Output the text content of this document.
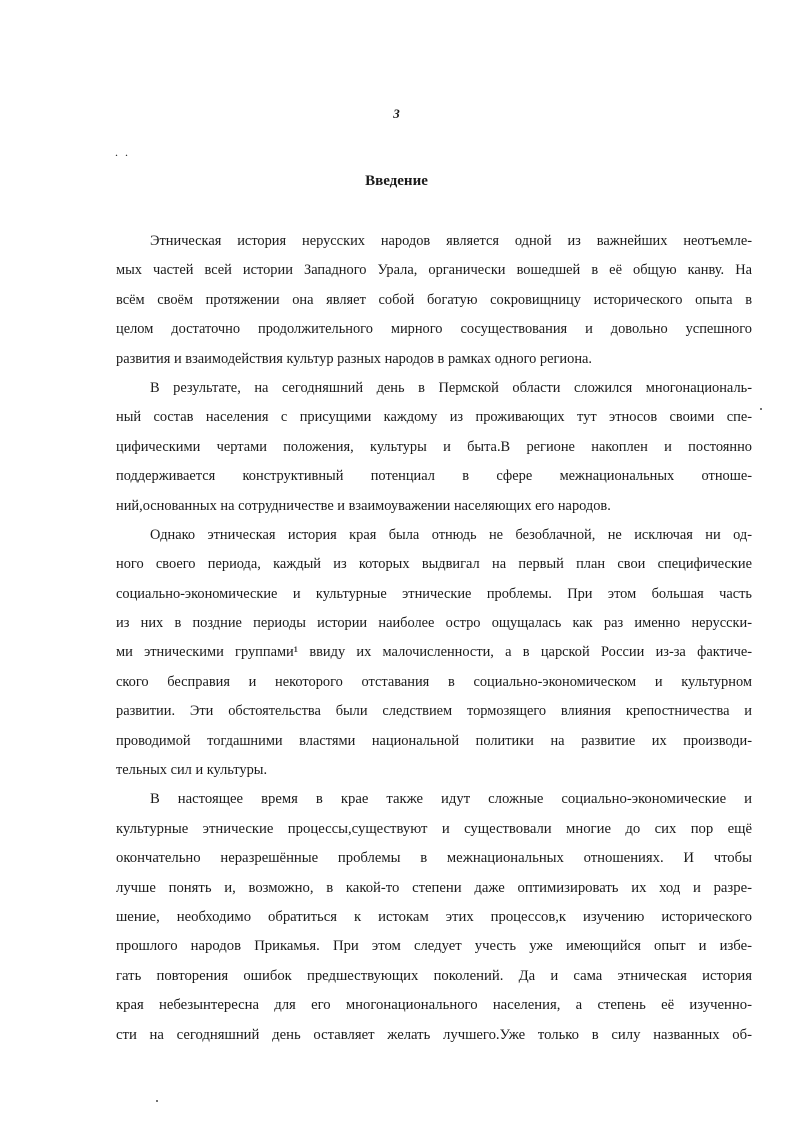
3
. .
Введение
Этническая история нерусских народов является одной из важнейших неотъемле-
мых частей всей истории Западного Урала, органически вошедшей в её общую канву. На
всём своём протяжении она являет собой богатую сокровищницу исторического опыта в
целом достаточно продолжительного мирного сосуществования и довольно успешного
развития и взаимодействия культур разных народов в рамках одного региона.
В результате, на сегодняшний день в Пермской области сложился многонациональ-
ный состав населения с присущими каждому из проживающих тут этносов своими спе-
цифическими чертами положения, культуры и быта.В регионе накоплен и постоянно
поддерживается конструктивный потенциал в сфере межнациональных отноше-
ний,основанных на сотрудничестве и взаимоуважении населяющих его народов.
Однако этническая история края была отнюдь не безоблачной, не исключая ни од-
ного своего периода, каждый из которых выдвигал на первый план свои специфические
социально-экономические и культурные этнические проблемы. При этом большая часть
из них в поздние периоды истории наиболее остро ощущалась как раз именно нерусски-
ми этническими группами¹ ввиду их малочисленности, а в царской России из-за фактиче-
ского бесправия и некоторого отставания в социально-экономическом и культурном
развитии. Эти обстоятельства были следствием тормозящего влияния крепостничества и
проводимой тогдашними властями национальной политики на развитие их производи-
тельных сил и культуры.
В настоящее время в крае также идут сложные социально-экономические и
культурные этнические процессы,существуют и существовали многие до сих пор ещё
окончательно неразрешённые проблемы в межнациональных отношениях. И чтобы
лучше понять и, возможно, в какой-то степени даже оптимизировать их ход и разре-
шение, необходимо обратиться к истокам этих процессов,к изучению исторического
прошлого народов Прикамья. При этом следует учесть уже имеющийся опыт и избе-
гать повторения ошибок предшествующих поколений. Да и сама этническая история
края небезынтересна для его многонационального населения, а степень её изученно-
сти на сегодняшний день оставляет желать лучшего.Уже только в силу названных об-
